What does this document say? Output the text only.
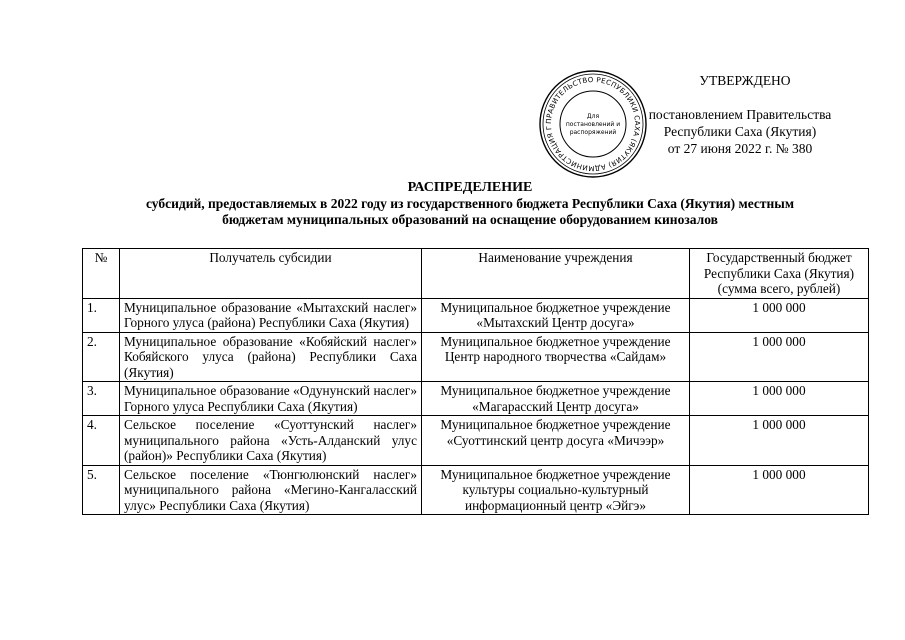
ПРАВИТЕЛЬСТВО РЕСПУБЛИКИ САХА (ЯКУТИЯ) АДМИНИСТРАЦИЯ Г
Для
постановлений и
распоряжений
УТВЕРЖДЕНО
постановлением Правительства
Республики Саха (Якутия)
от 27 июня 2022 г. № 380
РАСПРЕДЕЛЕНИЕ
субсидий, предоставляемых в 2022 году из государственного бюджета Республики Саха (Якутия) местным
бюджетам муниципальных образований на оснащение оборудованием кинозалов
№	Получатель субсидии	Наименование учреждения	Государственный бюджет Республики Саха (Якутия) (сумма всего, рублей)
1.	Муниципальное образование «Мытахский наслег» Горного улуса (района) Республики Саха (Якутия)	Муниципальное бюджетное учреждение «Мытахский Центр досуга»	1 000 000
2.	Муниципальное образование «Кобяйский наслег» Кобяйского улуса (района) Республики Саха (Якутия)	Муниципальное бюджетное учреждение Центр народного творчества «Сайдам»	1 000 000
3.	Муниципальное образование «Одунунский наслег» Горного улуса Республики Саха (Якутия)	Муниципальное бюджетное учреждение «Магарасский Центр досуга»	1 000 000
4.	Сельское поселение «Суоттунский наслег» муниципального района «Усть-Алданский улус (район)» Республики Саха (Якутия)	Муниципальное бюджетное учреждение «Суоттинский центр досуга «Мичээр»	1 000 000
5.	Сельское поселение «Тюнгюлюнский наслег» муниципального района «Мегино-Кангаласский улус» Республики Саха (Якутия)	Муниципальное бюджетное учреждение культуры социально-культурный информационный центр «Эйгэ»	1 000 000
